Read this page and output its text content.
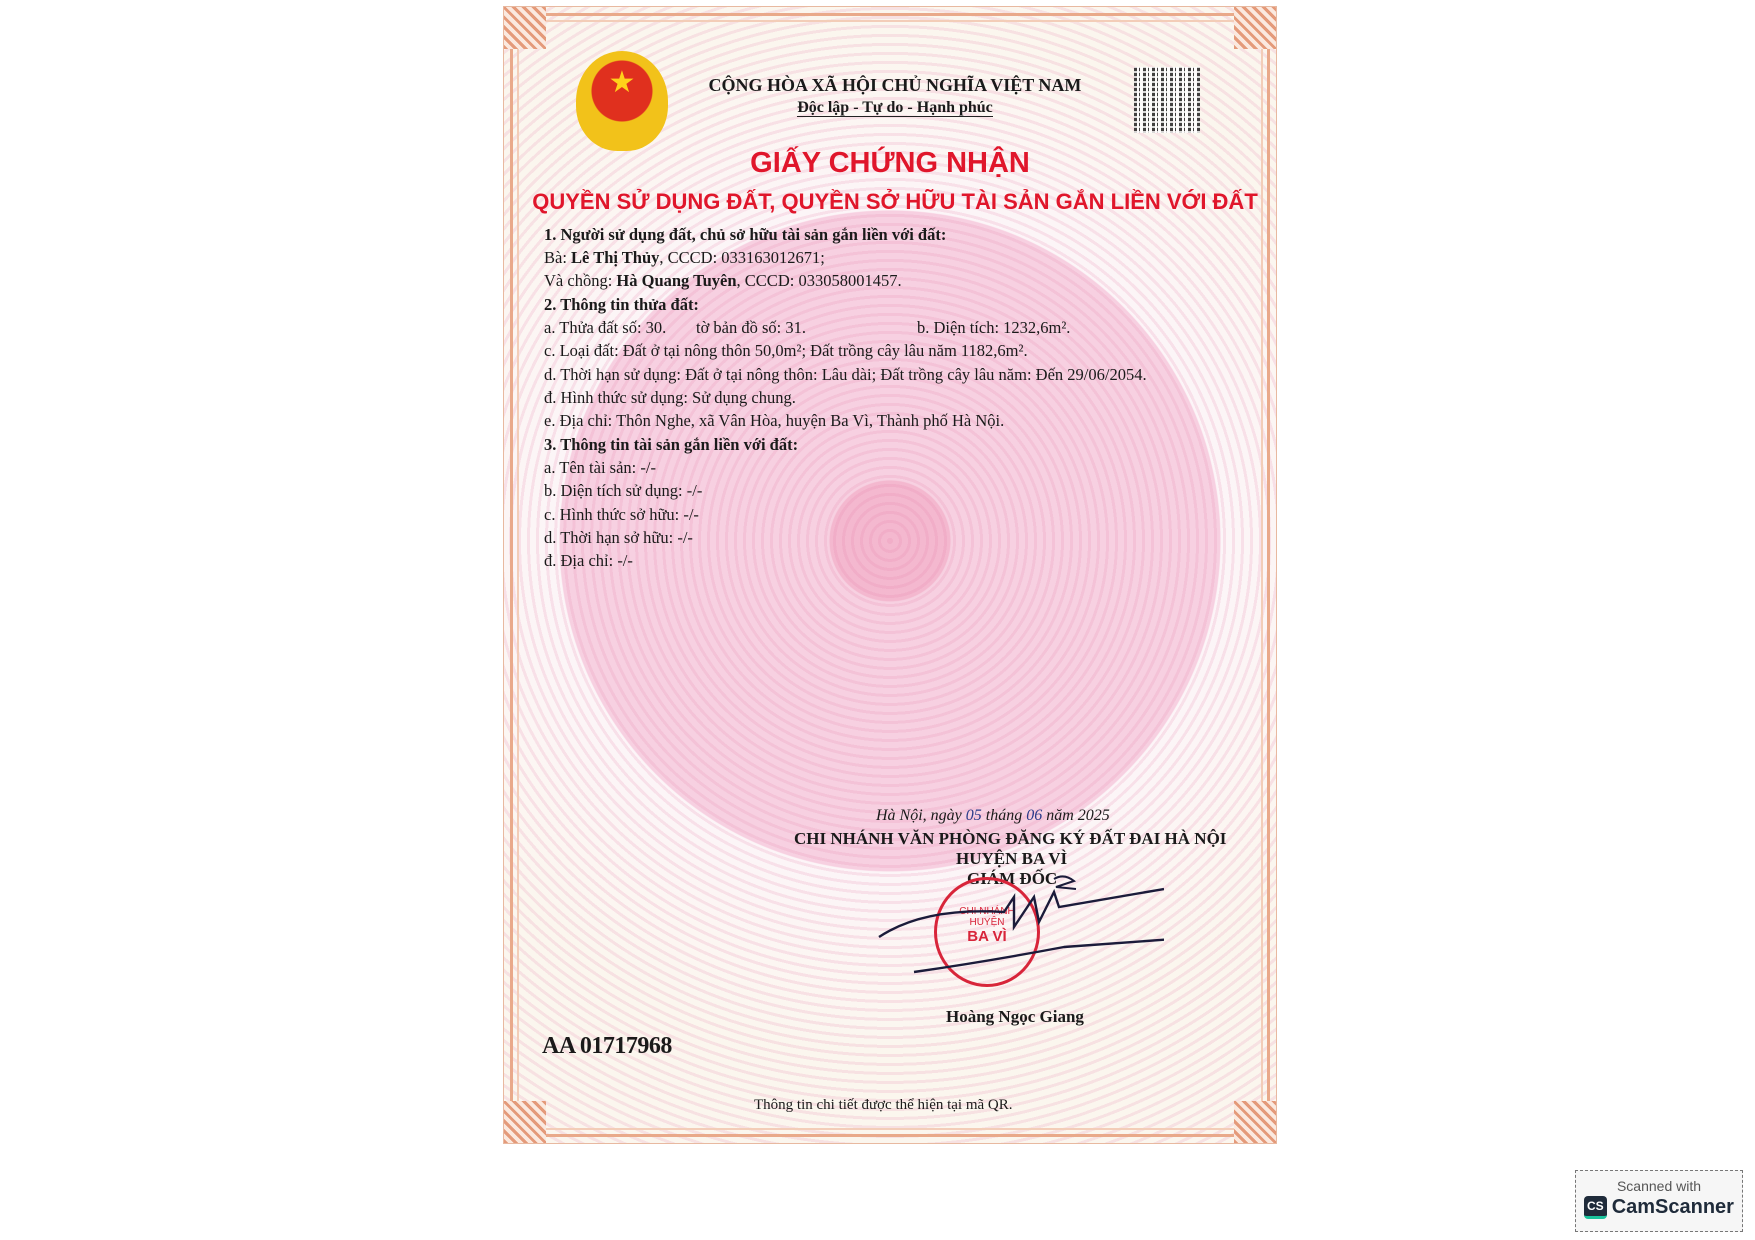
★	CỘNG HÒA XÃ HỘI CHỦ NGHĨA VIỆT NAM
Độc lập - Tự do - Hạnh phúc
GIẤY CHỨNG NHẬN
QUYỀN SỬ DỤNG ĐẤT, QUYỀN SỞ HỮU TÀI SẢN GẮN LIỀN VỚI ĐẤT
1. Người sử dụng đất, chủ sở hữu tài sản gắn liền với đất:
Bà: Lê Thị Thủy, CCCD: 033163012671;
Và chồng: Hà Quang Tuyên, CCCD: 033058001457.
2. Thông tin thửa đất:
a. Thửa đất số: 30. tờ bản đồ số: 31.	b. Diện tích: 1232,6m².
c. Loại đất: Đất ở tại nông thôn 50,0m²; Đất trồng cây lâu năm 1182,6m².
d. Thời hạn sử dụng: Đất ở tại nông thôn: Lâu dài; Đất trồng cây lâu năm: Đến 29/06/2054.
đ. Hình thức sử dụng: Sử dụng chung.
e. Địa chỉ: Thôn Nghe, xã Vân Hòa, huyện Ba Vì, Thành phố Hà Nội.
3. Thông tin tài sản gắn liền với đất:
a. Tên tài sản: -/-
b. Diện tích sử dụng: -/-
c. Hình thức sở hữu: -/-
d. Thời hạn sở hữu: -/-
đ. Địa chỉ: -/-
Hà Nội, ngày 05 tháng 06 năm 2025
CHI NHÁNH VĂN PHÒNG ĐĂNG KÝ ĐẤT ĐAI HÀ NỘI
HUYỆN BA VÌ
GIÁM ĐỐC
CHI NHÁNH
HUYỆN
BA VÌ
Hoàng Ngọc Giang
AA 01717968
Thông tin chi tiết được thể hiện tại mã QR.
Scanned with
CS CamScanner
